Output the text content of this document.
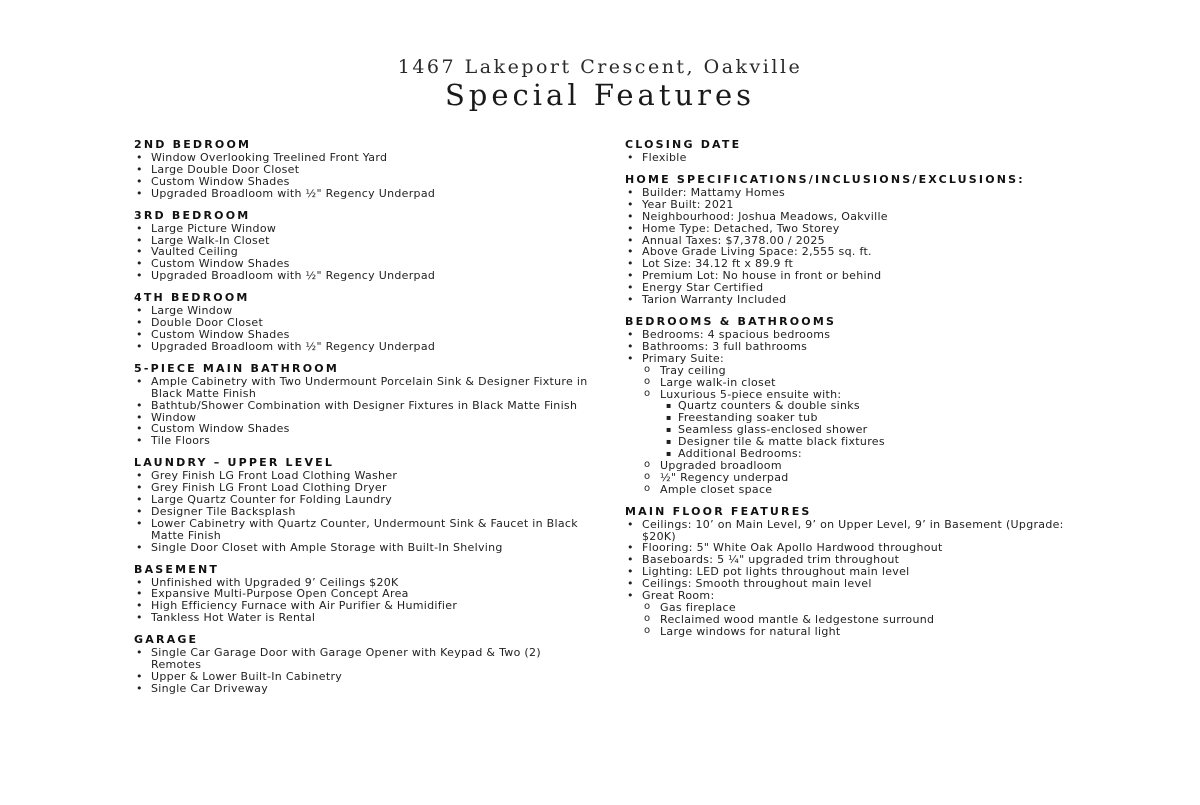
1467 Lakeport Crescent, Oakville
Special Features
2ND BEDROOM
• Window Overlooking Treelined Front Yard
• Large Double Door Closet
• Custom Window Shades
• Upgraded Broadloom with ½" Regency Underpad
3RD BEDROOM
• Large Picture Window
• Large Walk-In Closet
• Vaulted Ceiling
• Custom Window Shades
• Upgraded Broadloom with ½" Regency Underpad
4TH BEDROOM
• Large Window
• Double Door Closet
• Custom Window Shades
• Upgraded Broadloom with ½" Regency Underpad
5-PIECE MAIN BATHROOM
• Ample Cabinetry with Two Undermount Porcelain Sink & Designer Fixture in Black Matte Finish
• Bathtub/Shower Combination with Designer Fixtures in Black Matte Finish
• Window
• Custom Window Shades
• Tile Floors
LAUNDRY – UPPER LEVEL
• Grey Finish LG Front Load Clothing Washer
• Grey Finish LG Front Load Clothing Dryer
• Large Quartz Counter for Folding Laundry
• Designer Tile Backsplash
• Lower Cabinetry with Quartz Counter, Undermount Sink & Faucet in Black Matte Finish
• Single Door Closet with Ample Storage with Built-In Shelving
BASEMENT
• Unfinished with Upgraded 9’ Ceilings $20K
• Expansive Multi-Purpose Open Concept Area
• High Efficiency Furnace with Air Purifier & Humidifier
• Tankless Hot Water is Rental
GARAGE
• Single Car Garage Door with Garage Opener with Keypad & Two (2) Remotes
• Upper & Lower Built-In Cabinetry
• Single Car Driveway
CLOSING DATE
• Flexible
HOME SPECIFICATIONS/INCLUSIONS/EXCLUSIONS:
• Builder: Mattamy Homes
• Year Built: 2021
• Neighbourhood: Joshua Meadows, Oakville
• Home Type: Detached, Two Storey
• Annual Taxes: $7,378.00 / 2025
• Above Grade Living Space: 2,555 sq. ft.
• Lot Size: 34.12 ft x 89.9 ft
• Premium Lot: No house in front or behind
• Energy Star Certified
• Tarion Warranty Included
BEDROOMS & BATHROOMS
• Bedrooms: 4 spacious bedrooms
• Bathrooms: 3 full bathrooms
• Primary Suite:
o Tray ceiling
o Large walk-in closet
o Luxurious 5-piece ensuite with:
▪ Quartz counters & double sinks
▪ Freestanding soaker tub
▪ Seamless glass-enclosed shower
▪ Designer tile & matte black fixtures
▪ Additional Bedrooms:
o Upgraded broadloom
o ½" Regency underpad
o Ample closet space
MAIN FLOOR FEATURES
• Ceilings: 10’ on Main Level, 9’ on Upper Level, 9’ in Basement (Upgrade: $20K)
• Flooring: 5" White Oak Apollo Hardwood throughout
• Baseboards: 5 ¼" upgraded trim throughout
• Lighting: LED pot lights throughout main level
• Ceilings: Smooth throughout main level
• Great Room:
o Gas fireplace
o Reclaimed wood mantle & ledgestone surround
o Large windows for natural light
